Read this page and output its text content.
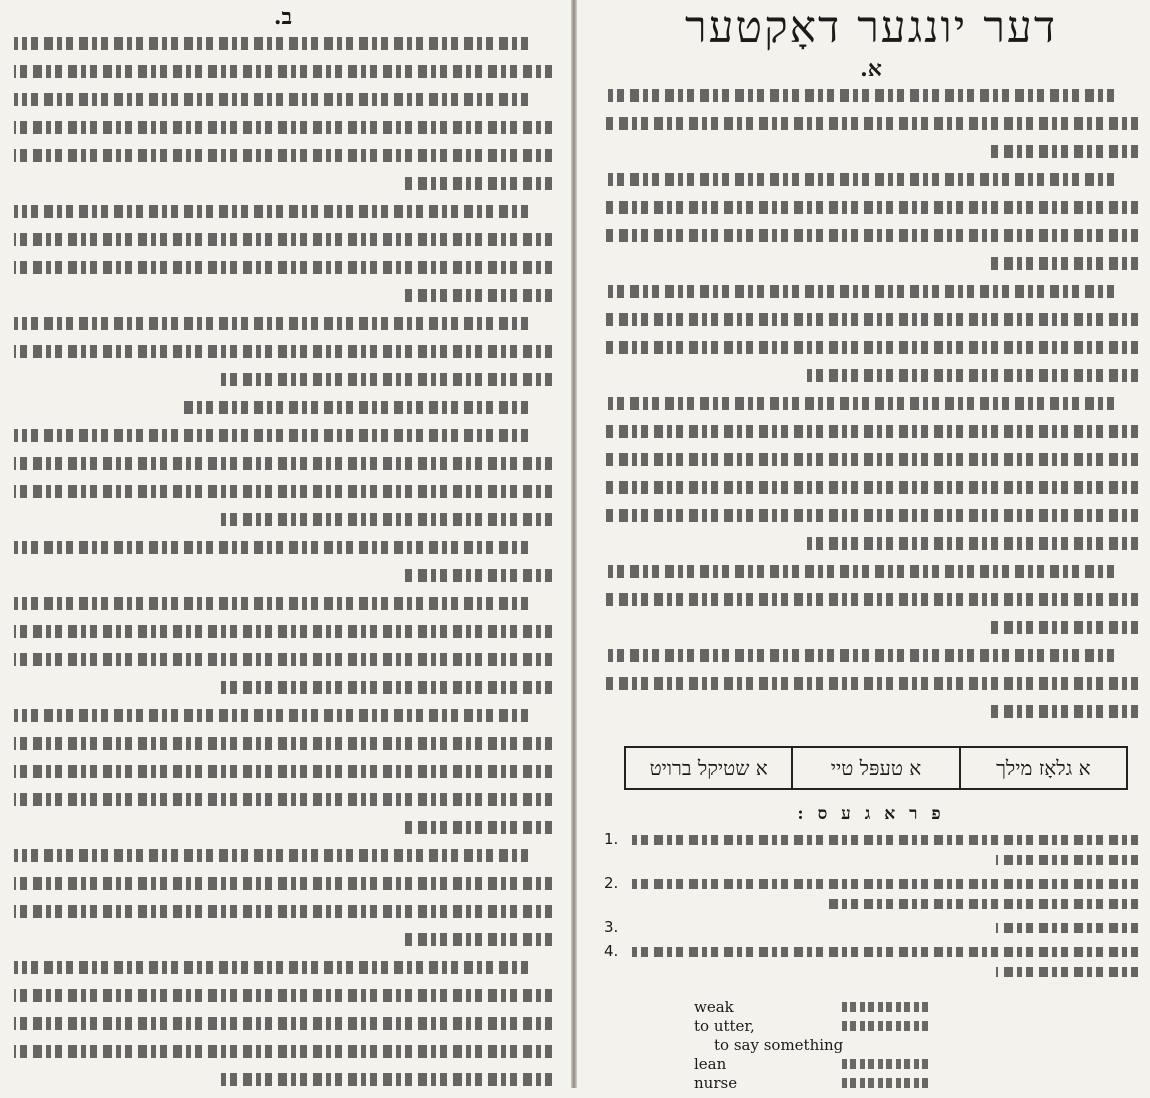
ב.	דער יונגער דאָקטער
א.
א גלאָז מילך
א טעפּל טיי
א שטיקל ברויט
פ ר א ג ע ס :
1.
2.
3.
4.
weak
to utter,
to say something
lean
nurse
